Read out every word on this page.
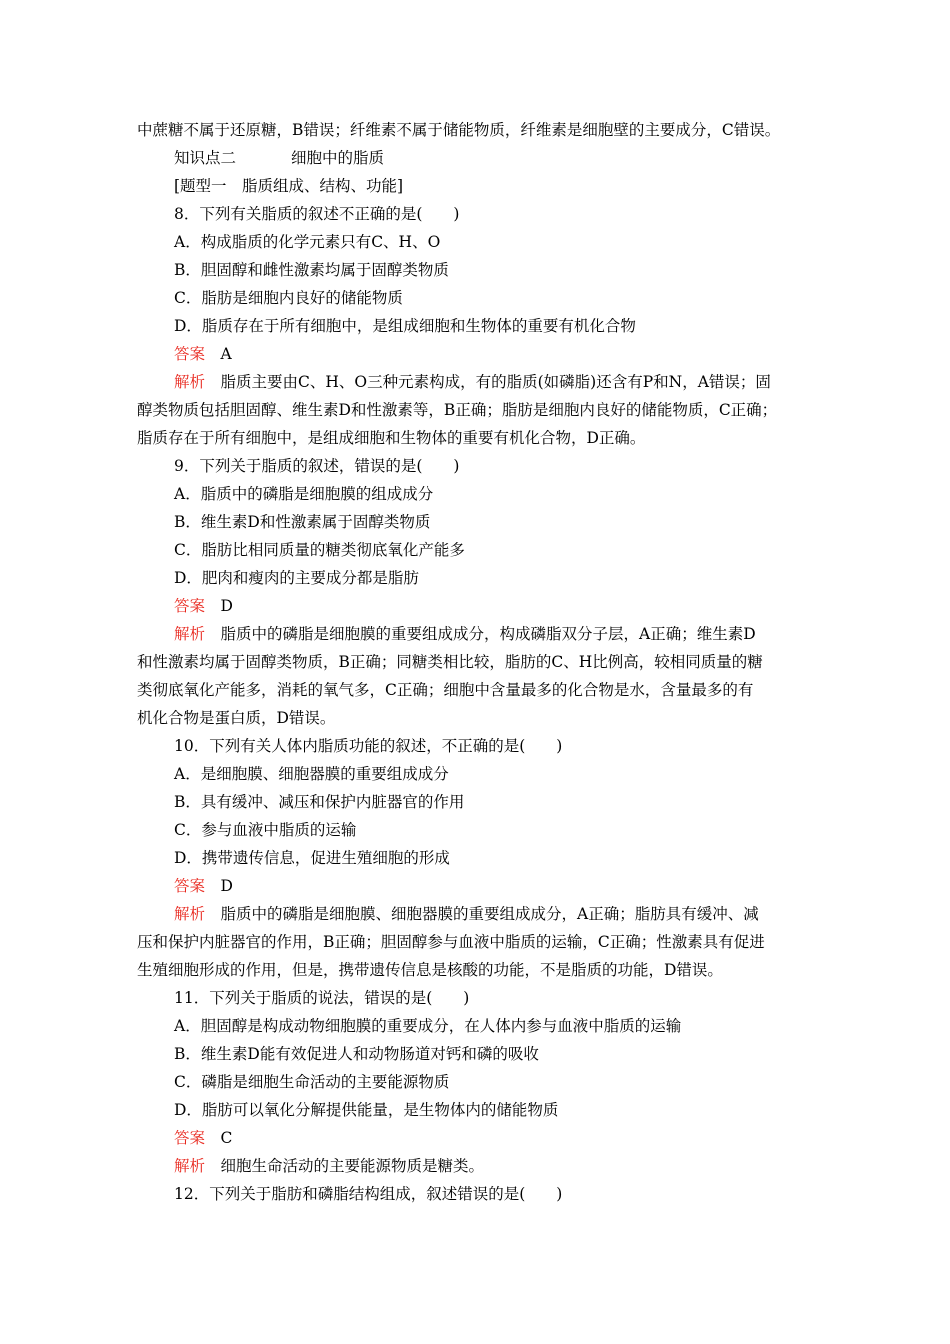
中蔗糖不属于还原糖，B错误；纤维素不属于储能物质，纤维素是细胞壁的主要成分，C错误。
知识点二	细胞中的脂质
[题型一　脂质组成、结构、功能]
8．下列有关脂质的叙述不正确的是(　　)
A．构成脂质的化学元素只有C、H、O
B．胆固醇和雌性激素均属于固醇类物质
C．脂肪是细胞内良好的储能物质
D．脂质存在于所有细胞中，是组成细胞和生物体的重要有机化合物
答案　 A
解析　 脂质主要由C、H、O三种元素构成，有的脂质(如磷脂)还含有P和N，A错误；固
醇类物质包括胆固醇、维生素D和性激素等，B正确；脂肪是细胞内良好的储能物质，C正确；
脂质存在于所有细胞中，是组成细胞和生物体的重要有机化合物，D正确。
9．下列关于脂质的叙述，错误的是(　　)
A．脂质中的磷脂是细胞膜的组成成分
B．维生素D和性激素属于固醇类物质
C．脂肪比相同质量的糖类彻底氧化产能多
D．肥肉和瘦肉的主要成分都是脂肪
答案　 D
解析　 脂质中的磷脂是细胞膜的重要组成成分，构成磷脂双分子层，A正确；维生素D
和性激素均属于固醇类物质，B正确；同糖类相比较，脂肪的C、H比例高，较相同质量的糖
类彻底氧化产能多，消耗的氧气多，C正确；细胞中含量最多的化合物是水，含量最多的有
机化合物是蛋白质，D错误。
10．下列有关人体内脂质功能的叙述，不正确的是(　　)
A．是细胞膜、细胞器膜的重要组成成分
B．具有缓冲、减压和保护内脏器官的作用
C．参与血液中脂质的运输
D．携带遗传信息，促进生殖细胞的形成
答案　 D
解析　 脂质中的磷脂是细胞膜、细胞器膜的重要组成成分，A正确；脂肪具有缓冲、减
压和保护内脏器官的作用，B正确；胆固醇参与血液中脂质的运输，C正确；性激素具有促进
生殖细胞形成的作用，但是，携带遗传信息是核酸的功能，不是脂质的功能，D错误。
11．下列关于脂质的说法，错误的是(　　)
A．胆固醇是构成动物细胞膜的重要成分，在人体内参与血液中脂质的运输
B．维生素D能有效促进人和动物肠道对钙和磷的吸收
C．磷脂是细胞生命活动的主要能源物质
D．脂肪可以氧化分解提供能量，是生物体内的储能物质
答案　 C
解析　 细胞生命活动的主要能源物质是糖类。
12．下列关于脂肪和磷脂结构组成，叙述错误的是(　　)
